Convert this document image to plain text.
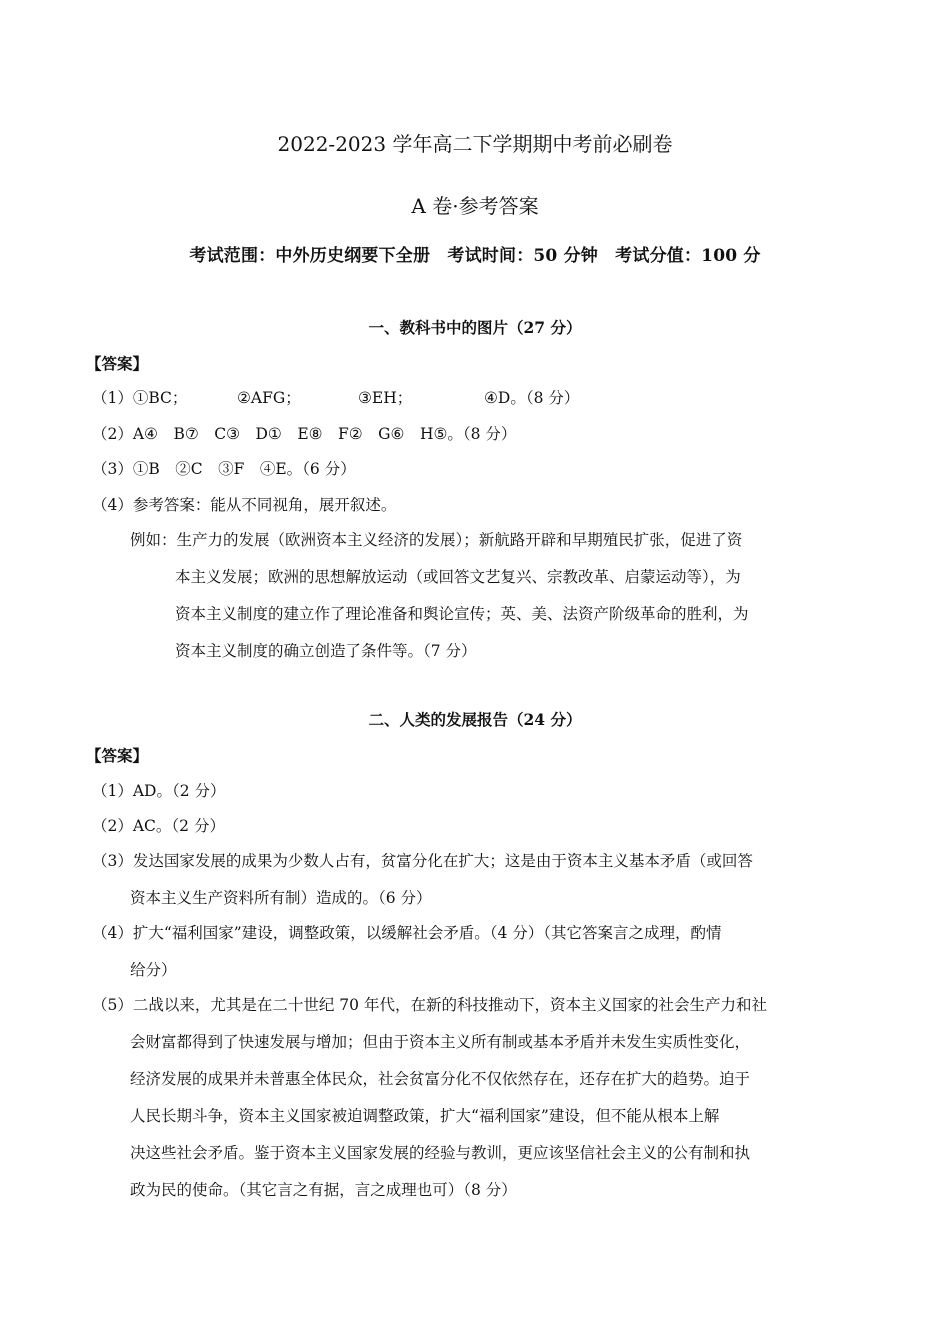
2022-2023 学年高二下学期期中考前必刷卷
A 卷·参考答案
考试范围：中外历史纲要下全册　考试时间：50 分钟　考试分值：100 分
一、教科书中的图片（27 分）
【答案】
（1）①BC；	②AFG；	③EH；	④D。（8 分）
（2）A④　B⑦　C③　D①　E⑧　F②　G⑥　H⑤。（8 分）
（3）①B　②C　③F　④E。（6 分）
（4）参考答案：能从不同视角，展开叙述。
例如：生产力的发展（欧洲资本主义经济的发展）；新航路开辟和早期殖民扩张，促进了资
本主义发展；欧洲的思想解放运动（或回答文艺复兴、宗教改革、启蒙运动等），为
资本主义制度的建立作了理论准备和舆论宣传；英、美、法资产阶级革命的胜利，为
资本主义制度的确立创造了条件等。（7 分）
二、人类的发展报告（24 分）
【答案】
（1）AD。（2 分）
（2）AC。（2 分）
（3）发达国家发展的成果为少数人占有，贫富分化在扩大；这是由于资本主义基本矛盾（或回答
资本主义生产资料所有制）造成的。（6 分）
（4）扩大“福利国家”建设，调整政策，以缓解社会矛盾。（4 分）（其它答案言之成理，酌情
给分）
（5）二战以来，尤其是在二十世纪 70 年代，在新的科技推动下，资本主义国家的社会生产力和社
会财富都得到了快速发展与增加；但由于资本主义所有制或基本矛盾并未发生实质性变化，
经济发展的成果并未普惠全体民众，社会贫富分化不仅依然存在，还存在扩大的趋势。迫于
人民长期斗争，资本主义国家被迫调整政策，扩大“福利国家”建设，但不能从根本上解
决这些社会矛盾。鉴于资本主义国家发展的经验与教训，更应该坚信社会主义的公有制和执
政为民的使命。（其它言之有据，言之成理也可）（8 分）
